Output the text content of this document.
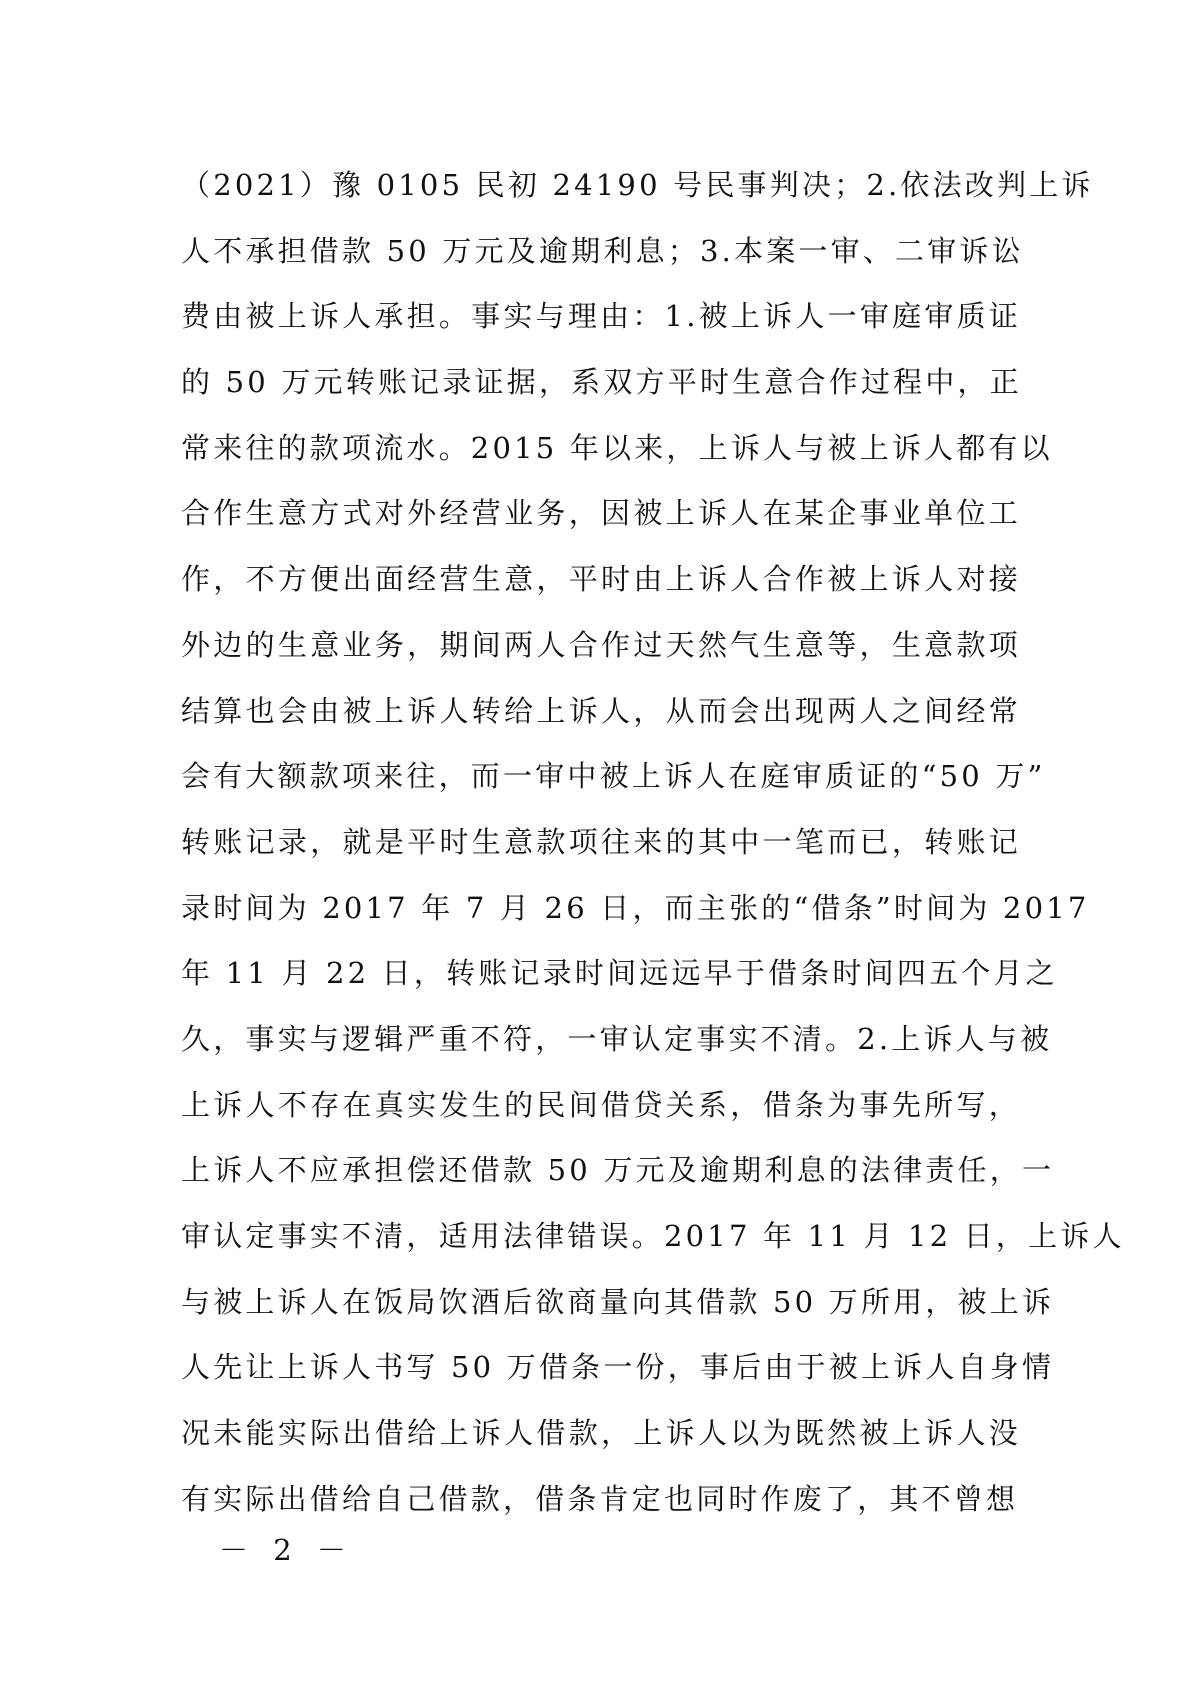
（2021）豫 0105 民初 24190 号民事判决；2.依法改判上诉
人不承担借款 50 万元及逾期利息；3.本案一审、二审诉讼
费由被上诉人承担。事实与理由：1.被上诉人一审庭审质证
的 50 万元转账记录证据，系双方平时生意合作过程中，正
常来往的款项流水。2015 年以来，上诉人与被上诉人都有以
合作生意方式对外经营业务，因被上诉人在某企事业单位工
作，不方便出面经营生意，平时由上诉人合作被上诉人对接
外边的生意业务，期间两人合作过天然气生意等，生意款项
结算也会由被上诉人转给上诉人，从而会出现两人之间经常
会有大额款项来往，而一审中被上诉人在庭审质证的“50 万”
转账记录，就是平时生意款项往来的其中一笔而已，转账记
录时间为 2017 年 7 月 26 日，而主张的“借条”时间为 2017
年 11 月 22 日，转账记录时间远远早于借条时间四五个月之
久，事实与逻辑严重不符，一审认定事实不清。2.上诉人与被
上诉人不存在真实发生的民间借贷关系，借条为事先所写，
上诉人不应承担偿还借款 50 万元及逾期利息的法律责任，一
审认定事实不清，适用法律错误。2017 年 11 月 12 日，上诉人
与被上诉人在饭局饮酒后欲商量向其借款 50 万所用，被上诉
人先让上诉人书写 50 万借条一份，事后由于被上诉人自身情
况未能实际出借给上诉人借款，上诉人以为既然被上诉人没
有实际出借给自己借款，借条肯定也同时作废了，其不曾想
－ 2 －
